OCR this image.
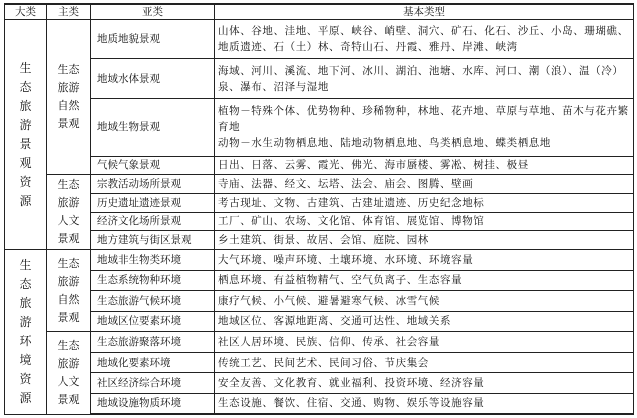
大类	主类	亚类	基本类型

生态旅游景观资源	生态旅游自然景观	地质地貌景观	山体、谷地、洼地、平原、峡谷、峭壁、洞穴、矿石、化石、沙丘、小岛、珊瑚礁、地质遗迹、石（土）林、奇特山石、丹霞、雅丹、岸滩、峡湾
		地域水体景观	海域、河川、溪流、地下河、冰川、湖泊、池塘、水库、河口、潮（浪）、温（冷）泉、瀑布、沼泽与湿地
		地域生物景观	植物－特殊个体、优势物种、珍稀物种，林地、花卉地、草原与草地、苗木与花卉繁育地
动物－水生动物栖息地、陆地动物栖息地、鸟类栖息地、蝶类栖息地
		气候气象景观	日出、日落、云雾、霞光、佛光、海市蜃楼、雾凇、树挂、极昼

	生态旅游人文景观	宗教活动场所景观	寺庙、法器、经文、坛塔、法会、庙会、图腾、壁画
		历史遗址遗迹景观	考古现址、文物、古建筑、古建址遗迹、历史纪念地标
		经济文化场所景观	工厂、矿山、农场、文化馆、体育馆、展览馆、博物馆
		地方建筑与街区景观	乡土建筑、街景、故居、会馆、庭院、园林

生态旅游环境资源	生态旅游自然景观	地域非生物类环境	大气环境、噪声环境、土壤环境、水环境、环境容量
		生态系统物种环境	栖息环境、有益植物精气、空气负离子、生态容量
		生态旅游气候环境	康疗气候、小气候、避暑避寒气候、冰雪气候
		地域区位要素环境	地域区位、客源地距离、交通可达性、地域关系

	生态旅游人文景观	生态旅游聚落环境	社区人居环境、民族、信仰、传承、社会容量
		地域化要素环境	传统工艺、民间艺术、民间习俗、节庆集会
		社区经济综合环境	安全友善、文化教育、就业福利、投资环境、经济容量
		地域设施物质环境	生态设施、餐饮、住宿、交通、购物、娱乐等设施容量
